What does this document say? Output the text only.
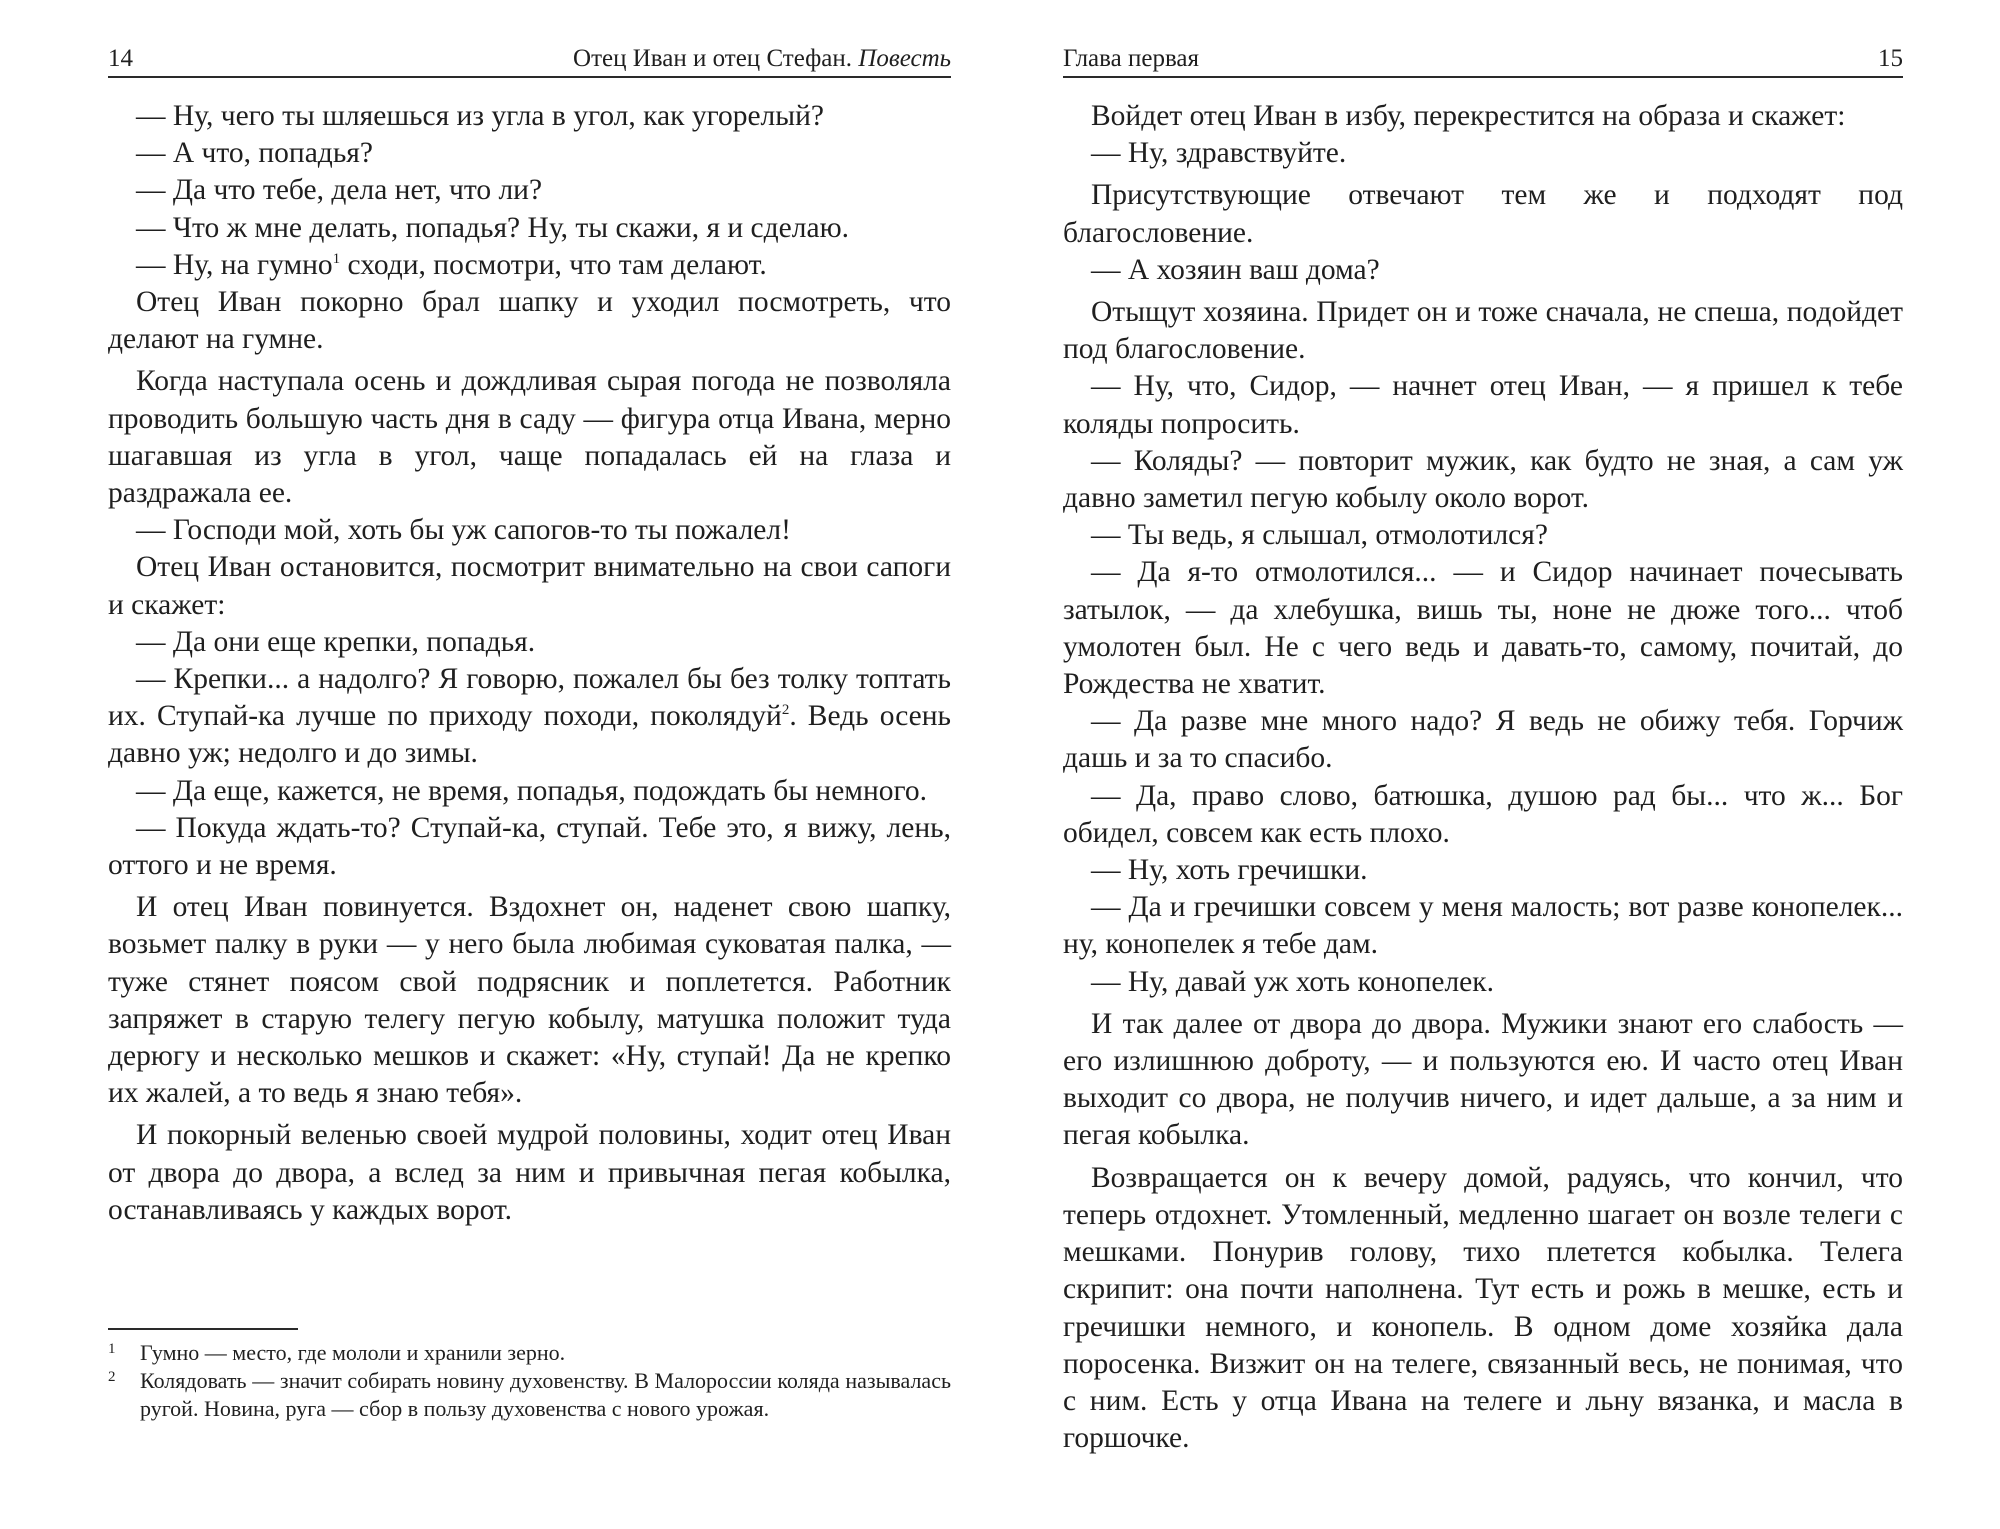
14	Отец Иван и отец Стефан. Повесть

— Ну, чего ты шляешься из угла в угол, как угорелый?

— А что, попадья?

— Да что тебе, дела нет, что ли?

— Что ж мне делать, попадья? Ну, ты скажи, я и сделаю.

— Ну, на гумно$^1$ сходи, посмотри, что там делают.

Отец Иван покорно брал шапку и уходил посмотреть, что делают на гумне.

Когда наступала осень и дождливая сырая погода не позволяла проводить большую часть дня в саду — фигура отца Ивана, мерно шагавшая из угла в угол, чаще попадалась ей на глаза и раздражала ее.

— Господи мой, хоть бы уж сапогов-то ты пожалел!

Отец Иван остановится, посмотрит внимательно на свои сапоги и скажет:

— Да они еще крепки, попадья.

— Крепки... а надолго? Я говорю, пожалел бы без толку топтать их. Ступай-ка лучше по приходу походи, поколядуй$^2$. Ведь осень давно уж; недолго и до зимы.

— Да еще, кажется, не время, попадья, подождать бы немного.

— Покуда ждать-то? Ступай-ка, ступай. Тебе это, я вижу, лень, оттого и не время.

И отец Иван повинуется. Вздохнет он, наденет свою шапку, возьмет палку в руки — у него была любимая суковатая палка, — туже стянет поясом свой подрясник и поплетется. Работник запряжет в старую телегу пегую кобылу, матушка положит туда дерюгу и несколько мешков и скажет: «Ну, ступай! Да не крепко их жалей, а то ведь я знаю тебя».

И покорный веленью своей мудрой половины, ходит отец Иван от двора до двора, а вслед за ним и привычная пегая кобылка, останавливаясь у каждых ворот.

1 Гумно — место, где мололи и хранили зерно.
2 Колядовать — значит собирать новину духовенству. В Малороссии коляда называлась ругой. Новина, руга — сбор в пользу духовенства с нового урожая.
Глава первая	15

Войдет отец Иван в избу, перекрестится на образа и скажет:

— Ну, здравствуйте.

Присутствующие отвечают тем же и подходят под благословение.

— А хозяин ваш дома?

Отыщут хозяина. Придет он и тоже сначала, не спеша, подойдет под благословение.

— Ну, что, Сидор, — начнет отец Иван, — я пришел к тебе коляды попросить.

— Коляды? — повторит мужик, как будто не зная, а сам уж давно заметил пегую кобылу около ворот.

— Ты ведь, я слышал, отмолотился?

— Да я-то отмолотился... — и Сидор начинает почесывать затылок, — да хлебушка, вишь ты, ноне не дюже того... чтоб умолотен был. Не с чего ведь и давать-то, самому, почитай, до Рождества не хватит.

— Да разве мне много надо? Я ведь не обижу тебя. Горчиж дашь и за то спасибо.

— Да, право слово, батюшка, душою рад бы... что ж... Бог обидел, совсем как есть плохо.

— Ну, хоть гречишки.

— Да и гречишки совсем у меня малость; вот разве конопелек... ну, конопелек я тебе дам.

— Ну, давай уж хоть конопелек.

И так далее от двора до двора. Мужики знают его слабость — его излишнюю доброту, — и пользуются ею. И часто отец Иван выходит со двора, не получив ничего, и идет дальше, а за ним и пегая кобылка.

Возвращается он к вечеру домой, радуясь, что кончил, что теперь отдохнет. Утомленный, медленно шагает он возле телеги с мешками. Понурив голову, тихо плетется кобылка. Телега скрипит: она почти наполнена. Тут есть и рожь в мешке, есть и гречишки немного, и конопель. В одном доме хозяйка дала поросенка. Визжит он на телеге, связанный весь, не понимая, что с ним. Есть у отца Ивана на телеге и льну вязанка, и масла в горшочке.
